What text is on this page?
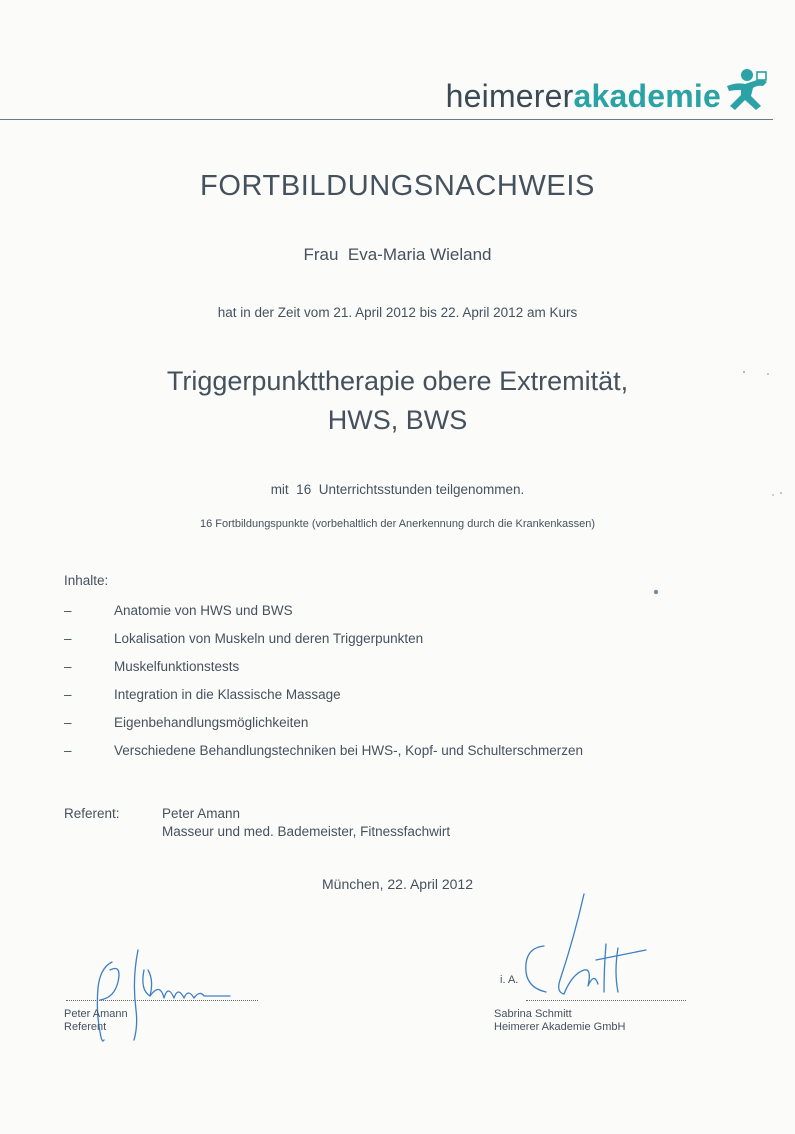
heimererakademie
FORTBILDUNGSNACHWEIS
Frau  Eva-Maria Wieland
hat in der Zeit vom 21. April 2012 bis 22. April 2012 am Kurs
Triggerpunkttherapie obere Extremität,
HWS, BWS
mit  16  Unterrichtsstunden teilgenommen.
16 Fortbildungspunkte (vorbehaltlich der Anerkennung durch die Krankenkassen)
Inhalte:
–	Anatomie von HWS und BWS
–	Lokalisation von Muskeln und deren Triggerpunkten
–	Muskelfunktionstests
–	Integration in die Klassische Massage
–	Eigenbehandlungsmöglichkeiten
–	Verschiedene Behandlungstechniken bei HWS-, Kopf- und Schulterschmerzen
Referent:	Peter Amann
Masseur und med. Bademeister, Fitnessfachwirt
München, 22. April 2012
Peter Amann
Referent
i. A.
Sabrina Schmitt
Heimerer Akademie GmbH
